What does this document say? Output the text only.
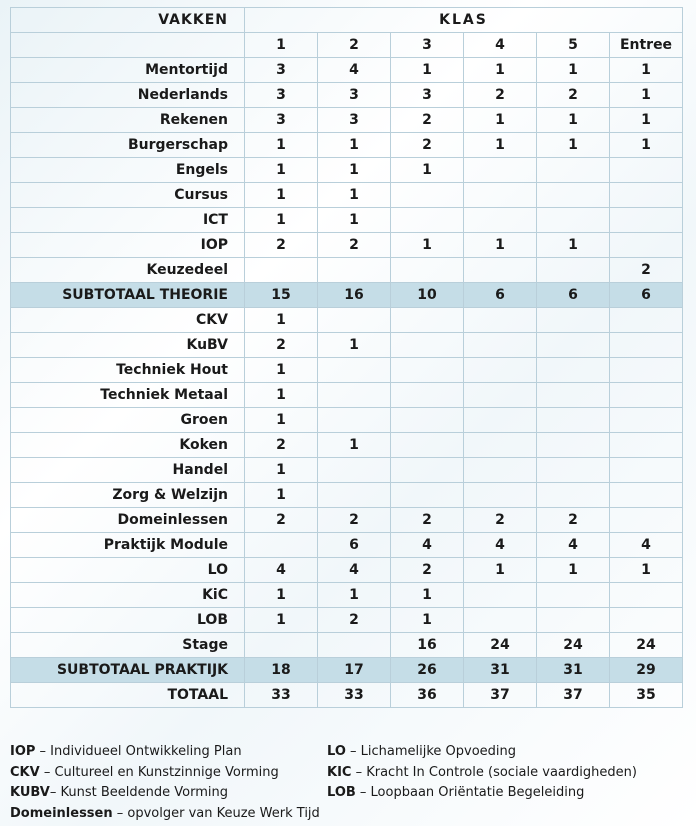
VAKKEN	KLAS					
	1	2	3	4	5	Entree
Mentortijd	3	4	1	1	1	1
Nederlands	3	3	3	2	2	1
Rekenen	3	3	2	1	1	1
Burgerschap	1	1	2	1	1	1
Engels	1	1	1			
Cursus	1	1				
ICT	1	1				
IOP	2	2	1	1	1	
Keuzedeel						2
SUBTOTAAL THEORIE	15	16	10	6	6	6
CKV	1					
KuBV	2	1				
Techniek Hout	1					
Techniek Metaal	1					
Groen	1					
Koken	2	1				
Handel	1					
Zorg & Welzijn	1					
Domeinlessen	2	2	2	2	2	
Praktijk Module		6	4	4	4	4
LO	4	4	2	1	1	1
KiC	1	1	1			
LOB	1	2	1			
Stage			16	24	24	24
SUBTOTAAL PRAKTIJK	18	17	26	31	31	29
TOTAAL	33	33	36	37	37	35
IOP – Individueel Ontwikkeling Plan
CKV – Cultureel en Kunstzinnige Vorming
KUBV– Kunst Beeldende Vorming
Domeinlessen – opvolger van Keuze Werk Tijd
LO – Lichamelijke Opvoeding
KIC – Kracht In Controle (sociale vaardigheden)
LOB – Loopbaan Oriëntatie Begeleiding
